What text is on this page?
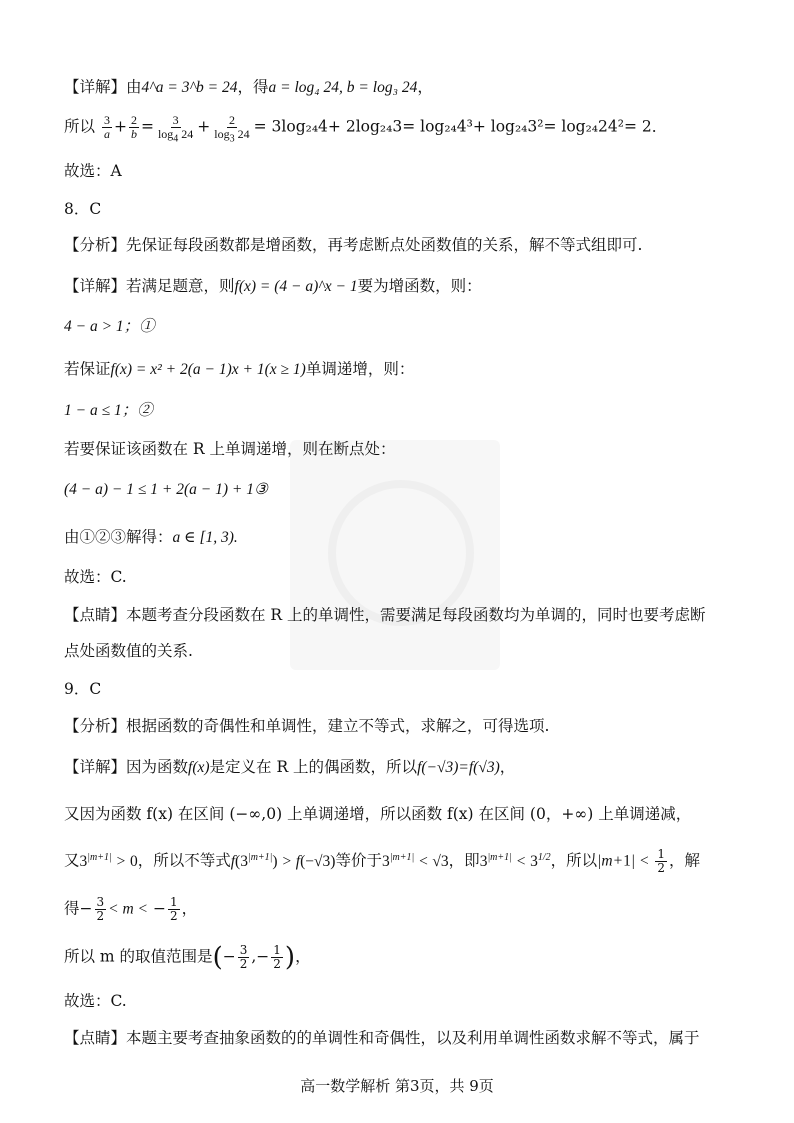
【详解】由4^a = 3^b = 24，得a = log₄ 24, b = log₃ 24，
所以 $\frac{3}{a} + \frac{2}{b} = \frac{3}{\log_4 24} + \frac{2}{\log_3 24} = 3\log_{24}4+ 2\log_{24}3= \log_{24}4^3+ \log_{24}3^2= \log_{24}24^2= 2$．
故选：A
8．C
【分析】先保证每段函数都是增函数，再考虑断点处函数值的关系，解不等式组即可.
【详解】若满足题意，则f(x) = (4 − a)^x − 1要为增函数，则：
4 − a > 1；①
若保证f(x) = x² + 2(a − 1)x + 1(x ≥ 1)单调递增，则：
1 − a ≤ 1；②
若要保证该函数在 R 上单调递增，则在断点处：
(4 − a) − 1 ≤ 1 + 2(a − 1) + 1③
由①②③解得：a ∈ [1, 3).
故选：C.
【点睛】本题考查分段函数在 R 上的单调性，需要满足每段函数均为单调的，同时也要考虑断
点处函数值的关系.
9．C
【分析】根据函数的奇偶性和单调性，建立不等式，求解之，可得选项.
【详解】因为函数f(x)是定义在 R 上的偶函数，所以f(−√3)=f(√3)，
又因为函数 f(x) 在区间 (−∞,0) 上单调递增，所以函数 f(x) 在区间 (0，+∞) 上单调递减，
又$3^{|m+1|} > 0$，所以不等式$f(3^{|m+1|}) > f(-√3)$等价于$3^{|m+1|} < √3$，即$3^{|m+1|} < 3^{1/2}$，所以$|m+1| < \frac{1}{2}$ ，解
得− $\frac{3}{2} < m$ < − $\frac{1}{2}$ ，
所以 m 的取值范围是(− $\frac{3}{2}$ ,− $\frac{1}{2}$ )，
故选：C.
【点睛】本题主要考查抽象函数的的单调性和奇偶性，以及利用单调性函数求解不等式，属于
高一数学解析 第3页，共 9页
